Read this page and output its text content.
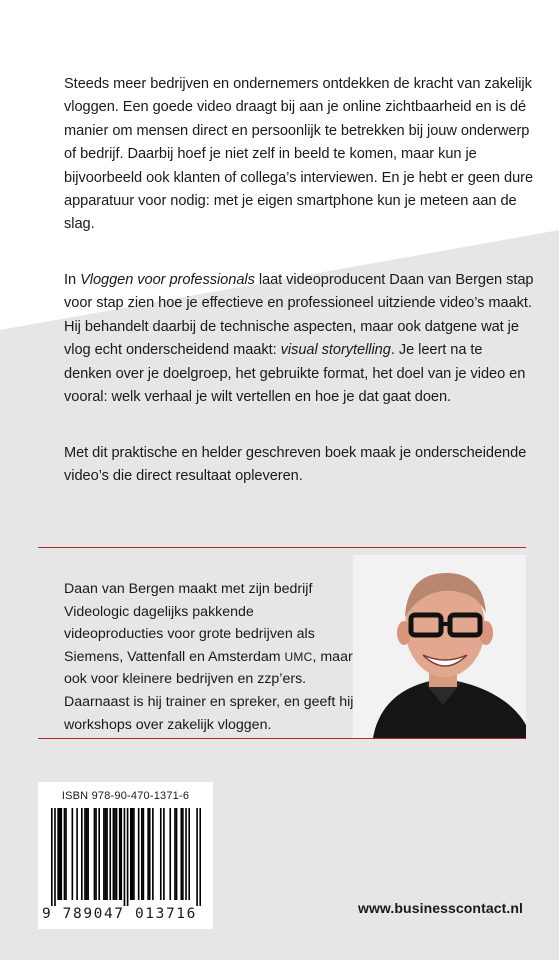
Steeds meer bedrijven en ondernemers ontdekken de kracht van zakelijk vloggen. Een goede video draagt bij aan je online zichtbaarheid en is dé manier om mensen direct en persoonlijk te betrekken bij jouw onderwerp of bedrijf. Daarbij hoef je niet zelf in beeld te komen, maar kun je bijvoorbeeld ook klanten of collega’s interviewen. En je hebt er geen dure apparatuur voor nodig: met je eigen smartphone kun je meteen aan de slag.

In Vloggen voor professionals laat videoproducent Daan van Bergen stap voor stap zien hoe je effectieve en professioneel uitziende video’s maakt. Hij behandelt daarbij de technische aspecten, maar ook datgene wat je vlog echt onderscheidend maakt: visual storytelling. Je leert na te denken over je doelgroep, het gebruikte format, het doel van je video en vooral: welk verhaal je wilt vertellen en hoe je dat gaat doen.

Met dit praktische en helder geschreven boek maak je onderscheidende video’s die direct resultaat opleveren.

Daan van Bergen maakt met zijn bedrijf Videologic dagelijks pakkende videoproducties voor grote bedrijven als Siemens, Vattenfall en Amsterdam UMC, maar ook voor kleinere bedrijven en zzp’ers. Daarnaast is hij trainer en spreker, en geeft hij workshops over zakelijk vloggen.

ISBN 978-90-470-1371-6
9 789047 013716	www.businesscontact.nl
